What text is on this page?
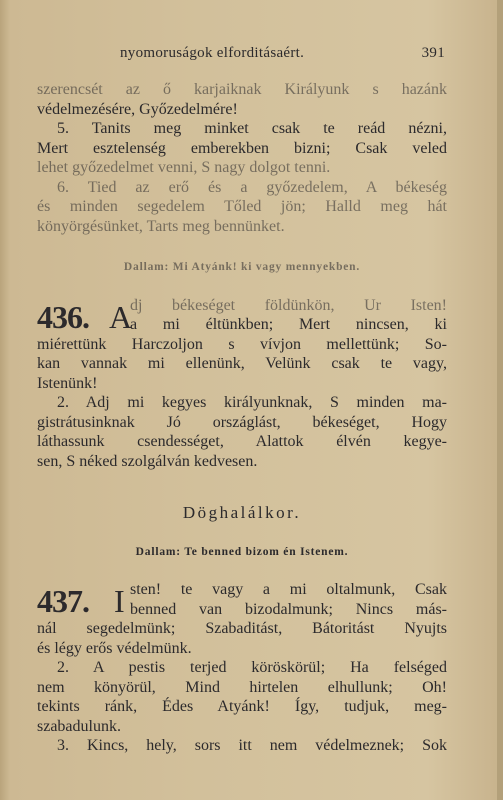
nyomoruságok elforditásaért.	391
szerencsét az ő karjaiknak Királyunk s hazánk
védelmezésére, Győzedelmére!
5. Tanits meg minket csak te reád nézni,
Mert esztelenség emberekben bizni; Csak veled
lehet győzedelmet venni, S nagy dolgot tenni.
6. Tied az erő és a győzedelem, A békeség
és minden segedelem Tőled jön; Halld meg hát
könyörgésünket, Tarts meg bennünket.
Dallam: Mi Atyánk! ki vagy mennyekben.
436. A
dj békeséget földünkön, Ur Isten!
a mi éltünkben; Mert nincsen, ki
miérettünk Harczoljon s vívjon mellettünk; So-
kan vannak mi ellenünk, Velünk csak te vagy,
Istenünk!
2. Adj mi kegyes királyunknak, S minden ma-
gistrátusinknak Jó országlást, békeséget, Hogy
láthassunk csendességet, Alattok élvén kegye-
sen, S néked szolgálván kedvesen.
Döghalálkor.
Dallam: Te benned bizom én Istenem.
437. I sten! te vagy a mi oltalmunk, Csak
benned van bizodalmunk; Nincs más-
nál segedelmünk; Szabaditást, Bátoritást Nyujts
és légy erős védelmünk.
2. A pestis terjed köröskörül; Ha felséged
nem könyörül, Mind hirtelen elhullunk; Oh!
tekints ránk, Édes Atyánk! Így, tudjuk, meg-
szabadulunk.
3. Kincs, hely, sors itt nem védelmeznek; Sok
